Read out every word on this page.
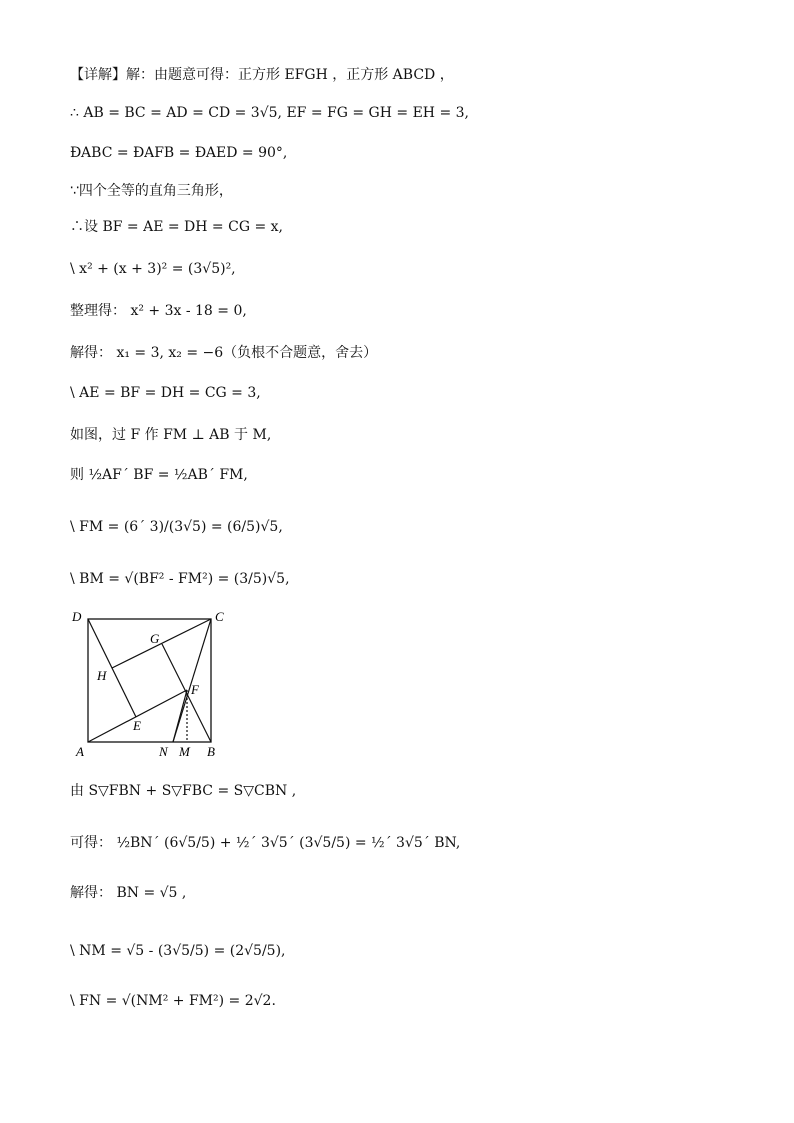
【详解】解：由题意可得：正方形 EFGH ，正方形 ABCD ，
∴ AB = BC = AD = CD = 3√5, EF = FG = GH = EH = 3,
ÐABC = ÐAFB = ÐAED = 90°,
∵四个全等的直角三角形，
∴设 BF = AE = DH = CG = x,
\ x² + (x + 3)² = (3√5)²,
整理得： x² + 3x - 18 = 0,
解得： x₁ = 3, x₂ = −6（负根不合题意，舍去）
\ AE = BF = DH = CG = 3,
如图，过 F 作 FM ⊥ AB 于 M,
则 ½AF´ BF = ½AB´ FM,
\ FM = (6´ 3)/(3√5) = (6/5)√5,
\ BM = √(BF² - FM²) = (3/5)√5,
D	C
G
H
F
E
A	N M B
由 S▽FBN + S▽FBC = S▽CBN ,
可得： ½BN´ (6√5/5) + ½´ 3√5´ (3√5/5) = ½´ 3√5´ BN,
解得： BN = √5 ,
\ NM = √5 - (3√5/5) = (2√5/5),
\ FN = √(NM² + FM²) = 2√2.
